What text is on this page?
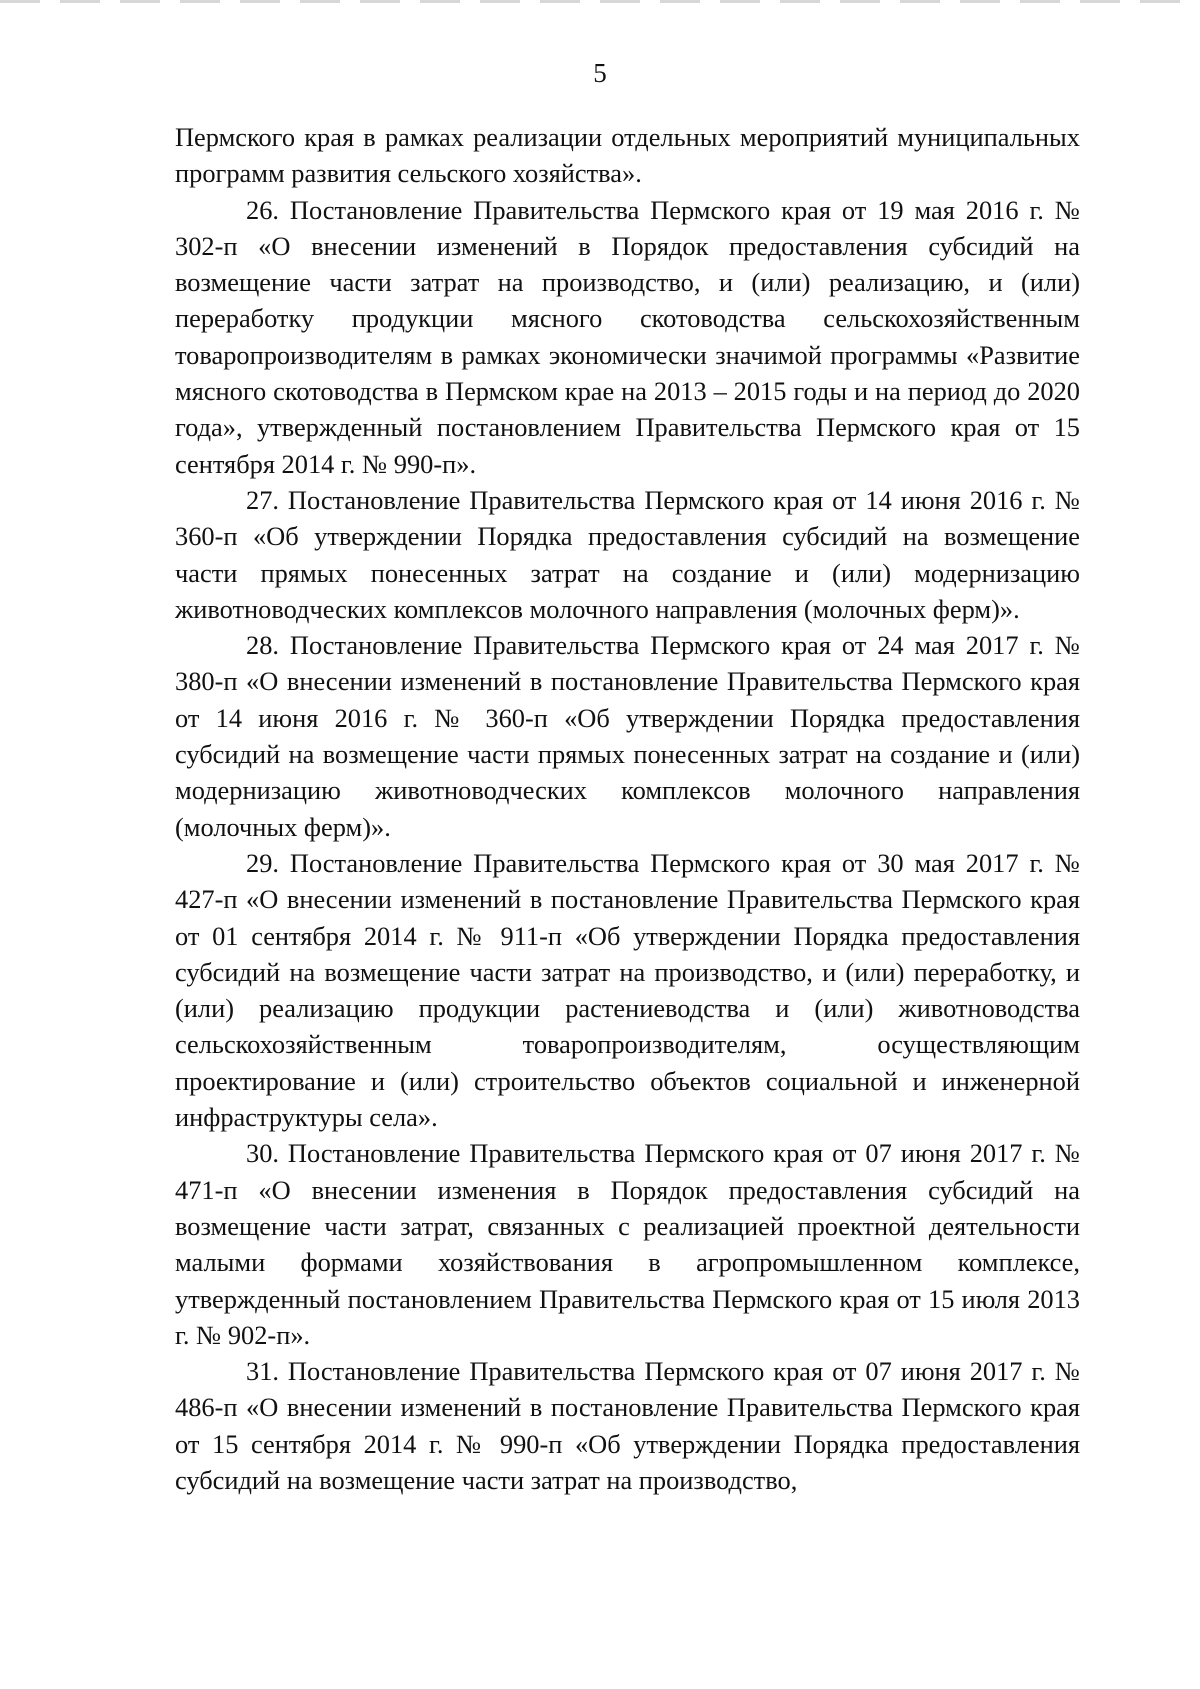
5

Пермского края в рамках реализации отдельных мероприятий муниципальных программ развития сельского хозяйства».

26. Постановление Правительства Пермского края от 19 мая 2016 г. № 302-п «О внесении изменений в Порядок предоставления субсидий на возмещение части затрат на производство, и (или) реализацию, и (или) переработку продукции мясного скотоводства сельскохозяйственным товаропроизводителям в рамках экономически значимой программы «Развитие мясного скотоводства в Пермском крае на 2013 – 2015 годы и на период до 2020 года», утвержденный постановлением Правительства Пермского края от 15 сентября 2014 г. № 990-п».

27. Постановление Правительства Пермского края от 14 июня 2016 г. № 360-п «Об утверждении Порядка предоставления субсидий на возмещение части прямых понесенных затрат на создание и (или) модернизацию животноводческих комплексов молочного направления (молочных ферм)».

28. Постановление Правительства Пермского края от 24 мая 2017 г. № 380-п «О внесении изменений в постановление Правительства Пермского края от 14 июня 2016 г. № 360-п «Об утверждении Порядка предоставления субсидий на возмещение части прямых понесенных затрат на создание и (или) модернизацию животноводческих комплексов молочного направления (молочных ферм)».

29. Постановление Правительства Пермского края от 30 мая 2017 г. № 427-п «О внесении изменений в постановление Правительства Пермского края от 01 сентября 2014 г. № 911-п «Об утверждении Порядка предоставления субсидий на возмещение части затрат на производство, и (или) переработку, и (или) реализацию продукции растениеводства и (или) животноводства сельскохозяйственным товаропроизводителям, осуществляющим проектирование и (или) строительство объектов социальной и инженерной инфраструктуры села».

30. Постановление Правительства Пермского края от 07 июня 2017 г. № 471-п «О внесении изменения в Порядок предоставления субсидий на возмещение части затрат, связанных с реализацией проектной деятельности малыми формами хозяйствования в агропромышленном комплексе, утвержденный постановлением Правительства Пермского края от 15 июля 2013 г. № 902-п».

31. Постановление Правительства Пермского края от 07 июня 2017 г. № 486-п «О внесении изменений в постановление Правительства Пермского края от 15 сентября 2014 г. № 990-п «Об утверждении Порядка предоставления субсидий на возмещение части затрат на производство,
